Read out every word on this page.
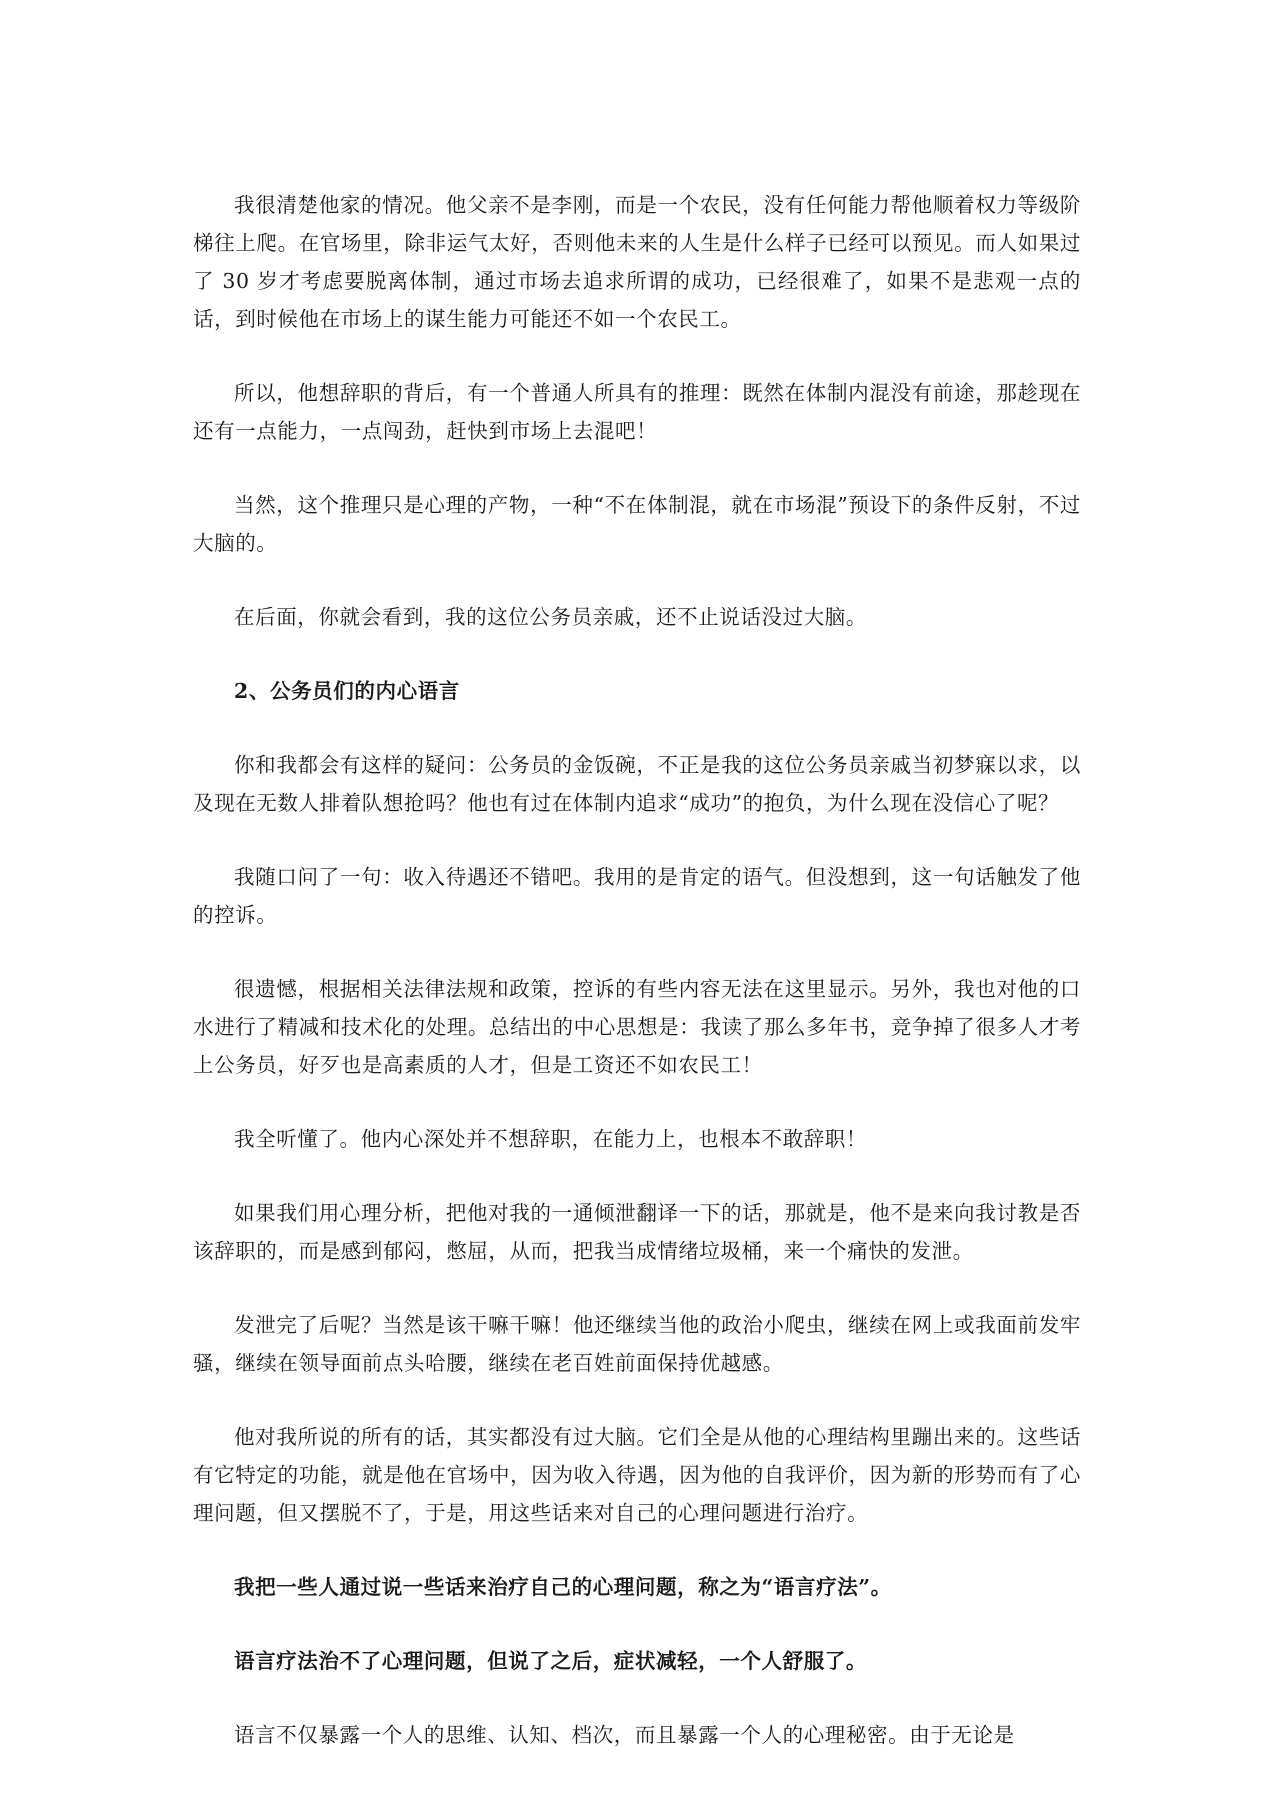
我很清楚他家的情况。他父亲不是李刚，而是一个农民，没有任何能力帮他顺着权力等级阶梯往上爬。在官场里，除非运气太好，否则他未来的人生是什么样子已经可以预见。而人如果过了 30 岁才考虑要脱离体制，通过市场去追求所谓的成功，已经很难了，如果不是悲观一点的话，到时候他在市场上的谋生能力可能还不如一个农民工。

所以，他想辞职的背后，有一个普通人所具有的推理：既然在体制内混没有前途，那趁现在还有一点能力，一点闯劲，赶快到市场上去混吧！

当然，这个推理只是心理的产物，一种“不在体制混，就在市场混”预设下的条件反射，不过大脑的。

在后面，你就会看到，我的这位公务员亲戚，还不止说话没过大脑。

2、公务员们的内心语言

你和我都会有这样的疑问：公务员的金饭碗，不正是我的这位公务员亲戚当初梦寐以求，以及现在无数人排着队想抢吗？他也有过在体制内追求“成功”的抱负，为什么现在没信心了呢？

我随口问了一句：收入待遇还不错吧。我用的是肯定的语气。但没想到，这一句话触发了他的控诉。

很遗憾，根据相关法律法规和政策，控诉的有些内容无法在这里显示。另外，我也对他的口水进行了精减和技术化的处理。总结出的中心思想是：我读了那么多年书，竞争掉了很多人才考上公务员，好歹也是高素质的人才，但是工资还不如农民工！

我全听懂了。他内心深处并不想辞职，在能力上，也根本不敢辞职！

如果我们用心理分析，把他对我的一通倾泄翻译一下的话，那就是，他不是来向我讨教是否该辞职的，而是感到郁闷，憋屈，从而，把我当成情绪垃圾桶，来一个痛快的发泄。

发泄完了后呢？当然是该干嘛干嘛！他还继续当他的政治小爬虫，继续在网上或我面前发牢骚，继续在领导面前点头哈腰，继续在老百姓前面保持优越感。

他对我所说的所有的话，其实都没有过大脑。它们全是从他的心理结构里蹦出来的。这些话有它特定的功能，就是他在官场中，因为收入待遇，因为他的自我评价，因为新的形势而有了心理问题，但又摆脱不了，于是，用这些话来对自己的心理问题进行治疗。

我把一些人通过说一些话来治疗自己的心理问题，称之为“语言疗法”。

语言疗法治不了心理问题，但说了之后，症状减轻，一个人舒服了。

语言不仅暴露一个人的思维、认知、档次，而且暴露一个人的心理秘密。由于无论是
